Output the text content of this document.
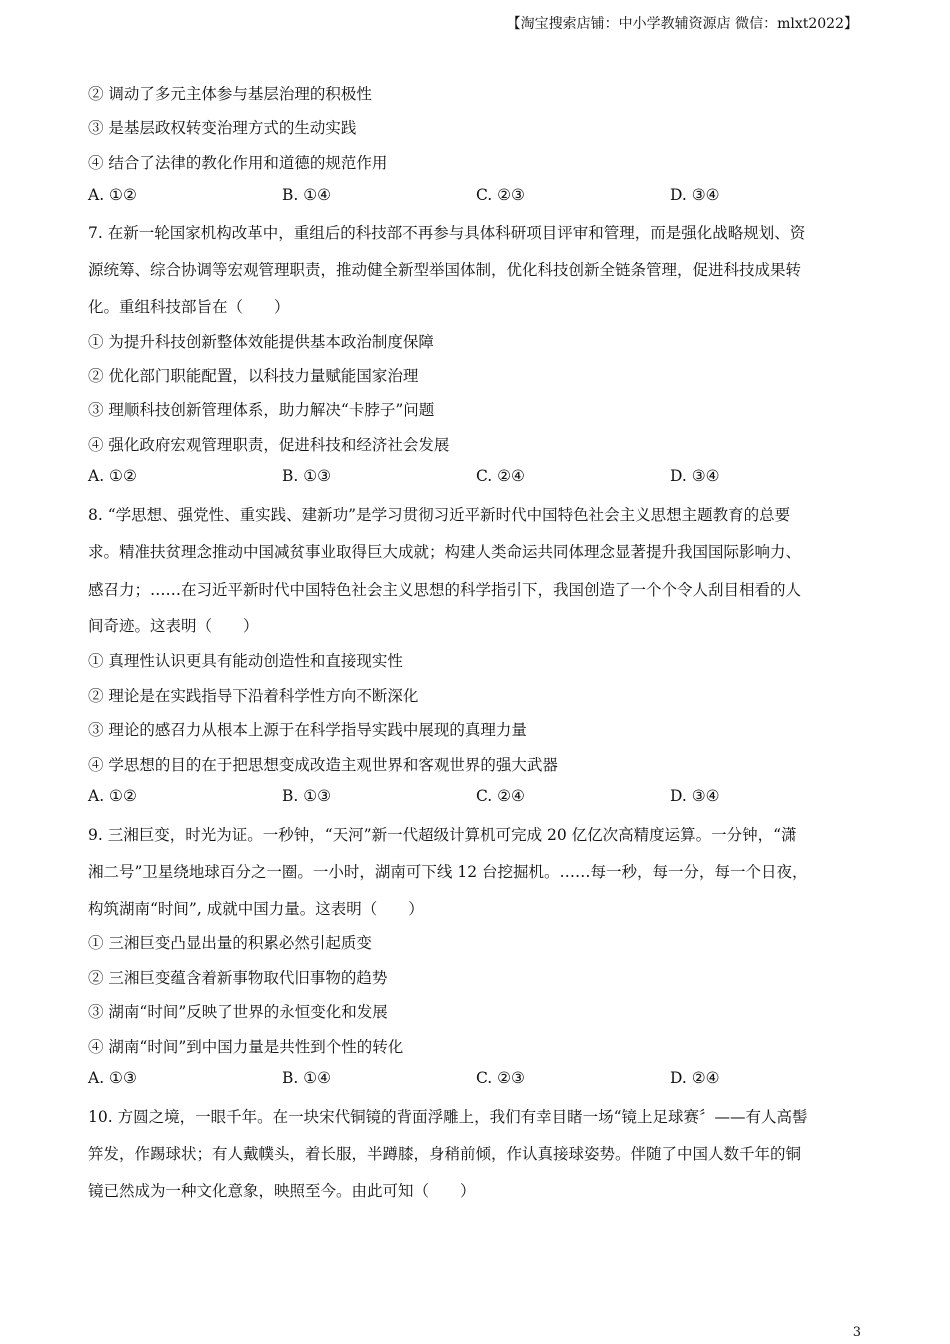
【淘宝搜索店铺：中小学教辅资源店 微信：mlxt2022】
② 调动了多元主体参与基层治理的积极性
③ 是基层政权转变治理方式的生动实践
④ 结合了法律的教化作用和道德的规范作用
A. ①②	B. ①④	C. ②③	D. ③④
7. 在新一轮国家机构改革中，重组后的科技部不再参与具体科研项目评审和管理，而是强化战略规划、资
源统筹、综合协调等宏观管理职责，推动健全新型举国体制，优化科技创新全链条管理，促进科技成果转
化。重组科技部旨在（　　）
① 为提升科技创新整体效能提供基本政治制度保障
② 优化部门职能配置，以科技力量赋能国家治理
③ 理顺科技创新管理体系，助力解决“卡脖子”问题
④ 强化政府宏观管理职责，促进科技和经济社会发展
A. ①②	B. ①③	C. ②④	D. ③④
8. “学思想、强党性、重实践、建新功”是学习贯彻习近平新时代中国特色社会主义思想主题教育的总要
求。精准扶贫理念推动中国减贫事业取得巨大成就；构建人类命运共同体理念显著提升我国国际影响力、
感召力；……在习近平新时代中国特色社会主义思想的科学指引下，我国创造了一个个令人刮目相看的人
间奇迹。这表明（　　）
① 真理性认识更具有能动创造性和直接现实性
② 理论是在实践指导下沿着科学性方向不断深化
③ 理论的感召力从根本上源于在科学指导实践中展现的真理力量
④ 学思想的目的在于把思想变成改造主观世界和客观世界的强大武器
A. ①②	B. ①③	C. ②④	D. ③④
9. 三湘巨变，时光为证。一秒钟，“天河”新一代超级计算机可完成 20 亿亿次高精度运算。一分钟，“潇
湘二号”卫星绕地球百分之一圈。一小时，湖南可下线 12 台挖掘机。……每一秒，每一分，每一个日夜，
构筑湖南“时间”, 成就中国力量。这表明（　　）
① 三湘巨变凸显出量的积累必然引起质变
② 三湘巨变蕴含着新事物取代旧事物的趋势
③ 湖南“时间”反映了世界的永恒变化和发展
④ 湖南“时间”到中国力量是共性到个性的转化
A. ①③	B. ①④	C. ②③	D. ②④
10. 方圆之境，一眼千年。在一块宋代铜镜的背面浮雕上，我们有幸目睹一场“镜上足球赛〞——有人高髻
笄发，作踢球状；有人戴幞头，着长服，半蹲膝，身稍前倾，作认真接球姿势。伴随了中国人数千年的铜
镜已然成为一种文化意象，映照至今。由此可知（　　）
3
